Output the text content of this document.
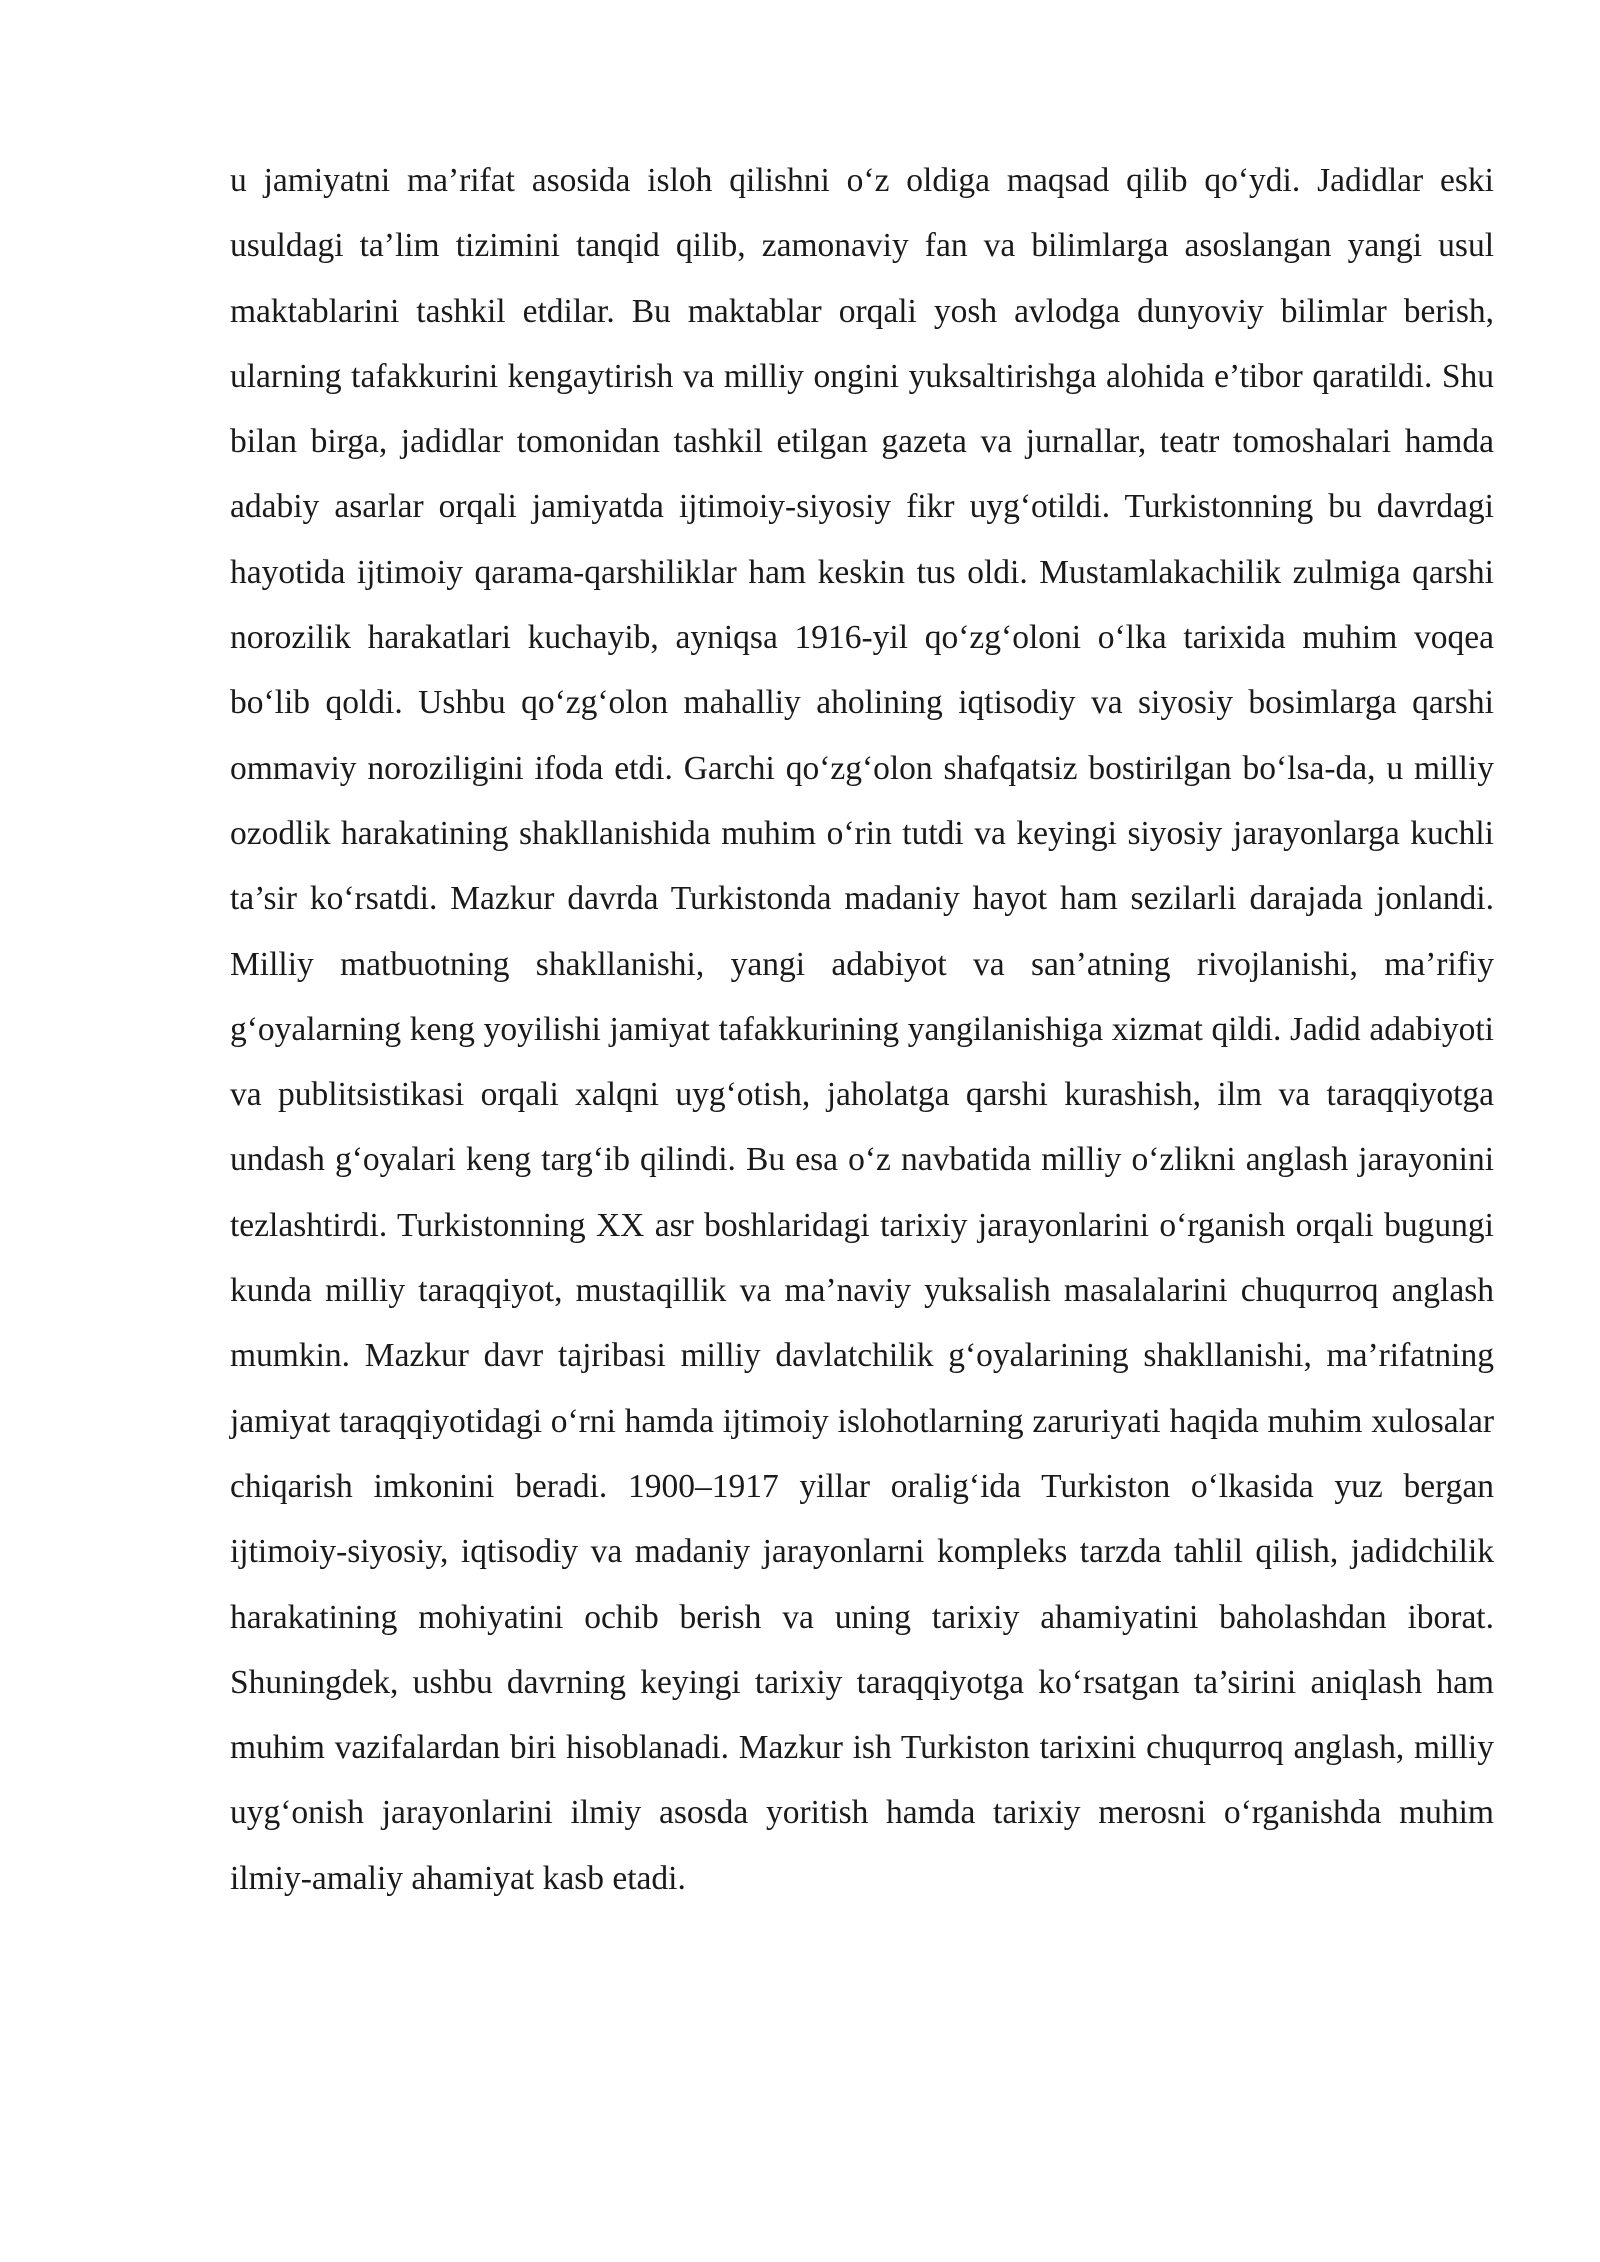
u jamiyatni ma’rifat asosida isloh qilishni o‘z oldiga maqsad qilib qo‘ydi. Jadidlar eski usuldagi ta’lim tizimini tanqid qilib, zamonaviy fan va bilimlarga asoslangan yangi usul maktablarini tashkil etdilar. Bu maktablar orqali yosh avlodga dunyoviy bilimlar berish, ularning tafakkurini kengaytirish va milliy ongini yuksaltirishga alohida e’tibor qaratildi. Shu bilan birga, jadidlar tomonidan tashkil etilgan gazeta va jurnallar, teatr tomoshalari hamda adabiy asarlar orqali jamiyatda ijtimoiy-siyosiy fikr uyg‘otildi. Turkistonning bu davrdagi hayotida ijtimoiy qarama-qarshiliklar ham keskin tus oldi. Mustamlakachilik zulmiga qarshi norozilik harakatlari kuchayib, ayniqsa 1916-yil qo‘zg‘oloni o‘lka tarixida muhim voqea bo‘lib qoldi. Ushbu qo‘zg‘olon mahalliy aholining iqtisodiy va siyosiy bosimlarga qarshi ommaviy noroziligini ifoda etdi. Garchi qo‘zg‘olon shafqatsiz bostirilgan bo‘lsa-da, u milliy ozodlik harakatining shakllanishida muhim o‘rin tutdi va keyingi siyosiy jarayonlarga kuchli ta’sir ko‘rsatdi. Mazkur davrda Turkistonda madaniy hayot ham sezilarli darajada jonlandi. Milliy matbuotning shakllanishi, yangi adabiyot va san’atning rivojlanishi, ma’rifiy g‘oyalarning keng yoyilishi jamiyat tafakkurining yangilanishiga xizmat qildi. Jadid adabiyoti va publitsistikasi orqali xalqni uyg‘otish, jaholatga qarshi kurashish, ilm va taraqqiyotga undash g‘oyalari keng targ‘ib qilindi. Bu esa o‘z navbatida milliy o‘zlikni anglash jarayonini tezlashtirdi. Turkistonning XX asr boshlaridagi tarixiy jarayonlarini o‘rganish orqali bugungi kunda milliy taraqqiyot, mustaqillik va ma’naviy yuksalish masalalarini chuqurroq anglash mumkin. Mazkur davr tajribasi milliy davlatchilik g‘oyalarining shakllanishi, ma’rifatning jamiyat taraqqiyotidagi o‘rni hamda ijtimoiy islohotlarning zaruriyati haqida muhim xulosalar chiqarish imkonini beradi. 1900–1917 yillar oralig‘ida Turkiston o‘lkasida yuz bergan ijtimoiy-siyosiy, iqtisodiy va madaniy jarayonlarni kompleks tarzda tahlil qilish, jadidchilik harakatining mohiyatini ochib berish va uning tarixiy ahamiyatini baholashdan iborat. Shuningdek, ushbu davrning keyingi tarixiy taraqqiyotga ko‘rsatgan ta’sirini aniqlash ham muhim vazifalardan biri hisoblanadi. Mazkur ish Turkiston tarixini chuqurroq anglash, milliy uyg‘onish jarayonlarini ilmiy asosda yoritish hamda tarixiy merosni o‘rganishda muhim ilmiy-amaliy ahamiyat kasb etadi.
